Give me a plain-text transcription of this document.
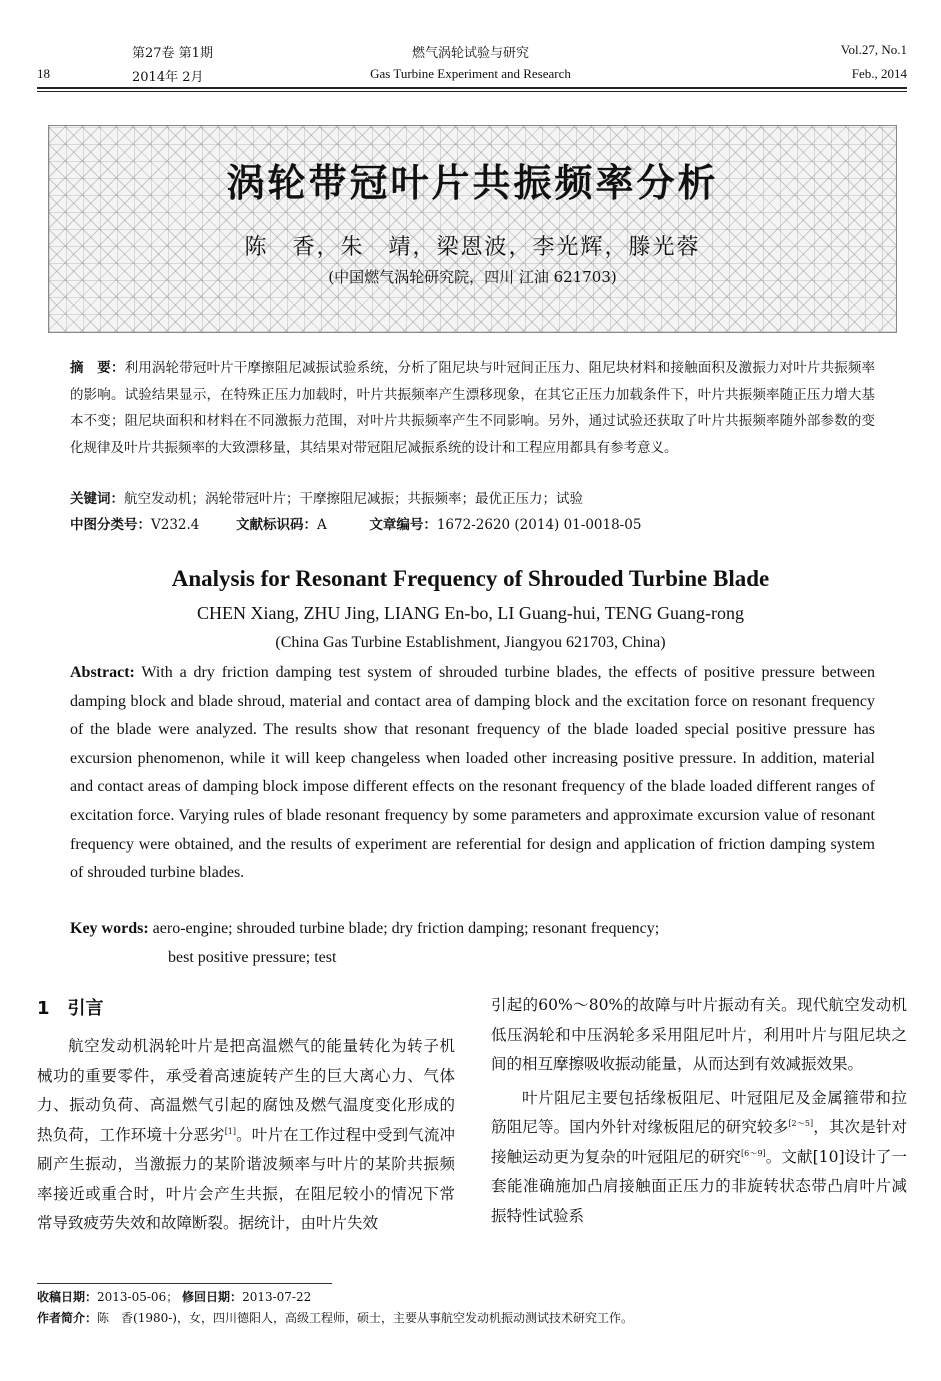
第27卷 第1期	燃气涡轮试验与研究	Vol.27, No.1
18	2014年 2月	Gas Turbine Experiment and Research	Feb., 2014
涡轮带冠叶片共振频率分析
陈　香，朱　靖，梁恩波，李光辉，滕光蓉
(中国燃气涡轮研究院，四川 江油 621703)
摘　要：利用涡轮带冠叶片干摩擦阻尼减振试验系统，分析了阻尼块与叶冠间正压力、阻尼块材料和接触面积及激振力对叶片共振频率的影响。试验结果显示，在特殊正压力加载时，叶片共振频率产生漂移现象，在其它正压力加载条件下，叶片共振频率随正压力增大基本不变；阻尼块面积和材料在不同激振力范围，对叶片共振频率产生不同影响。另外，通过试验还获取了叶片共振频率随外部参数的变化规律及叶片共振频率的大致漂移量，其结果对带冠阻尼减振系统的设计和工程应用都具有参考意义。
关键词：航空发动机；涡轮带冠叶片；干摩擦阻尼减振；共振频率；最优正压力；试验
中图分类号：V232.4	文献标识码：A	文章编号：1672-2620 (2014) 01-0018-05
Analysis for Resonant Frequency of Shrouded Turbine Blade
CHEN Xiang, ZHU Jing, LIANG En-bo, LI Guang-hui, TENG Guang-rong
(China Gas Turbine Establishment, Jiangyou 621703, China)
Abstract: With a dry friction damping test system of shrouded turbine blades, the effects of positive pressure between damping block and blade shroud, material and contact area of damping block and the excitation force on resonant frequency of the blade were analyzed. The results show that resonant frequency of the blade loaded special positive pressure has excursion phenomenon, while it will keep changeless when loaded other increasing positive pressure. In addition, material and contact areas of damping block impose different effects on the resonant frequency of the blade loaded different ranges of excitation force. Varying rules of blade resonant frequency by some parameters and approximate excursion value of resonant frequency were obtained, and the results of experiment are referential for design and application of friction damping system of shrouded turbine blades.
Key words: aero-engine; shrouded turbine blade; dry friction damping; resonant frequency;
best positive pressure; test
1　引言

航空发动机涡轮叶片是把高温燃气的能量转化为转子机械功的重要零件，承受着高速旋转产生的巨大离心力、气体力、振动负荷、高温燃气引起的腐蚀及燃气温度变化形成的热负荷，工作环境十分恶劣[1]。叶片在工作过程中受到气流冲刷产生振动，当激振力的某阶谐波频率与叶片的某阶共振频率接近或重合时，叶片会产生共振，在阻尼较小的情况下常常导致疲劳失效和故障断裂。据统计，由叶片失效

引起的60%～80%的故障与叶片振动有关。现代航空发动机低压涡轮和中压涡轮多采用阻尼叶片，利用叶片与阻尼块之间的相互摩擦吸收振动能量，从而达到有效减振效果。

叶片阻尼主要包括缘板阻尼、叶冠阻尼及金属箍带和拉筋阻尼等。国内外针对缘板阻尼的研究较多[2～5]，其次是针对接触运动更为复杂的叶冠阻尼的研究[6～9]。文献[10]设计了一套能准确施加凸肩接触面正压力的非旋转状态带凸肩叶片减振特性试验系

收稿日期：2013-05-06； 修回日期：2013-07-22
作者简介：陈　香(1980-)，女，四川德阳人，高级工程师，硕士，主要从事航空发动机振动测试技术研究工作。
